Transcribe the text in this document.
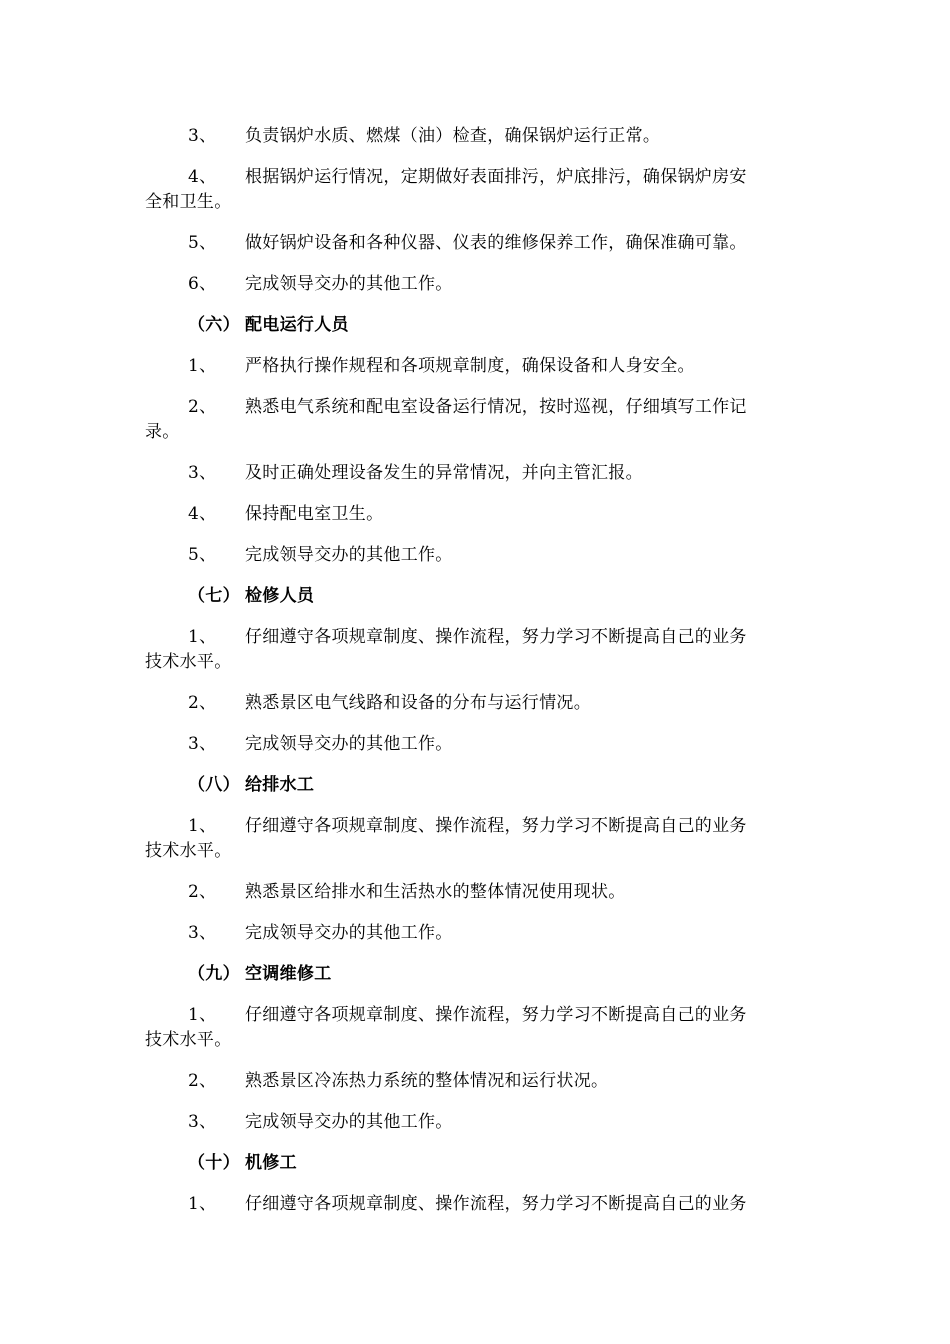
3、 负责锅炉水质、燃煤（油）检查，确保锅炉运行正常。
4、 根据锅炉运行情况，定期做好表面排污，炉底排污，确保锅炉房安
全和卫生。
5、 做好锅炉设备和各种仪器、仪表的维修保养工作，确保准确可靠。
6、 完成领导交办的其他工作。
（六） 配电运行人员
1、 严格执行操作规程和各项规章制度，确保设备和人身安全。
2、 熟悉电气系统和配电室设备运行情况，按时巡视，仔细填写工作记
录。
3、 及时正确处理设备发生的异常情况，并向主管汇报。
4、 保持配电室卫生。
5、 完成领导交办的其他工作。
（七） 检修人员
1、 仔细遵守各项规章制度、操作流程，努力学习不断提高自己的业务
技术水平。
2、 熟悉景区电气线路和设备的分布与运行情况。
3、 完成领导交办的其他工作。
（八） 给排水工
1、 仔细遵守各项规章制度、操作流程，努力学习不断提高自己的业务
技术水平。
2、 熟悉景区给排水和生活热水的整体情况使用现状。
3、 完成领导交办的其他工作。
（九） 空调维修工
1、 仔细遵守各项规章制度、操作流程，努力学习不断提高自己的业务
技术水平。
2、 熟悉景区冷冻热力系统的整体情况和运行状况。
3、 完成领导交办的其他工作。
（十） 机修工
1、 仔细遵守各项规章制度、操作流程，努力学习不断提高自己的业务
